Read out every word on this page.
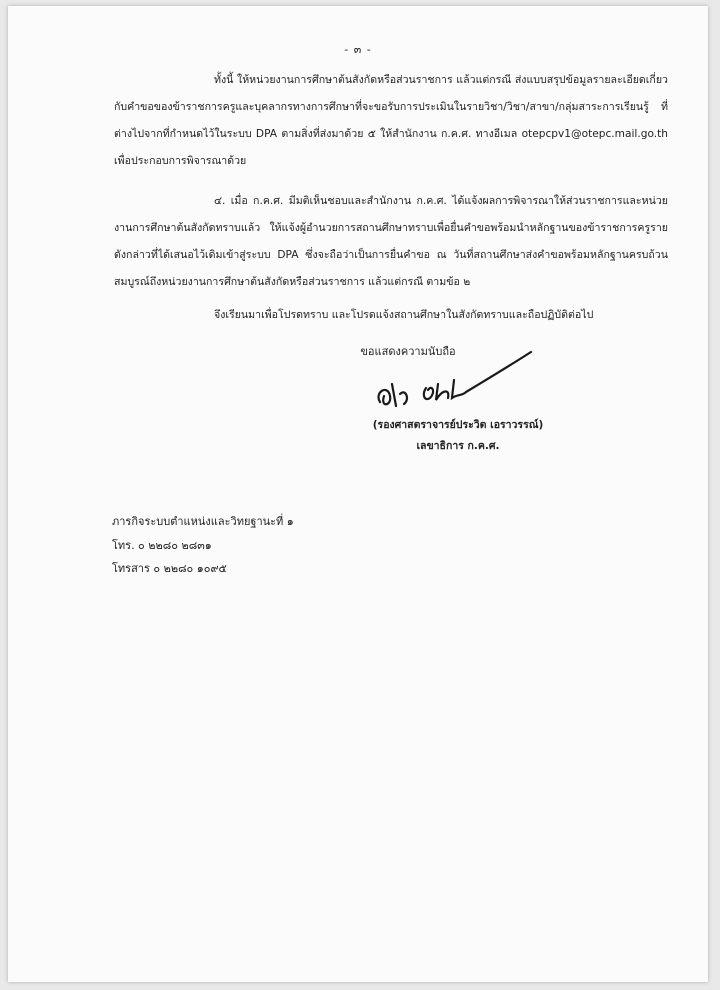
- ๓ -

ทั้งนี้ ให้หน่วยงานการศึกษาต้นสังกัดหรือส่วนราชการ แล้วแต่กรณี ส่งแบบสรุปข้อมูลรายละเอียดเกี่ยวกับคำขอของข้าราชการครูและบุคลากรทางการศึกษาที่จะขอรับการประเมินในรายวิชา/วิชา/สาขา/กลุ่มสาระการเรียนรู้ ที่ต่างไปจากที่กำหนดไว้ในระบบ DPA ตามสิ่งที่ส่งมาด้วย ๕ ให้สำนักงาน ก.ค.ศ. ทางอีเมล otepcpv1@otepc.mail.go.th เพื่อประกอบการพิจารณาด้วย

๔. เมื่อ ก.ค.ศ. มีมติเห็นชอบและสำนักงาน ก.ค.ศ. ได้แจ้งผลการพิจารณาให้ส่วนราชการและหน่วยงานการศึกษาต้นสังกัดทราบแล้ว ให้แจ้งผู้อำนวยการสถานศึกษาทราบเพื่อยื่นคำขอพร้อมนำหลักฐานของข้าราชการครูรายดังกล่าวที่ได้เสนอไว้เดิมเข้าสู่ระบบ DPA ซึ่งจะถือว่าเป็นการยื่นคำขอ ณ วันที่สถานศึกษาส่งคำขอพร้อมหลักฐานครบถ้วนสมบูรณ์ถึงหน่วยงานการศึกษาต้นสังกัดหรือส่วนราชการ แล้วแต่กรณี ตามข้อ ๒

จึงเรียนมาเพื่อโปรดทราบ และโปรดแจ้งสถานศึกษาในสังกัดทราบและถือปฏิบัติต่อไป

ขอแสดงความนับถือ
(รองศาสตราจารย์ประวิต เอราวรรณ์)
เลขาธิการ ก.ค.ศ.
ภารกิจระบบตำแหน่งและวิทยฐานะที่ ๑
โทร. ๐ ๒๒๘๐ ๒๘๓๑
โทรสาร ๐ ๒๒๘๐ ๑๐๙๕
